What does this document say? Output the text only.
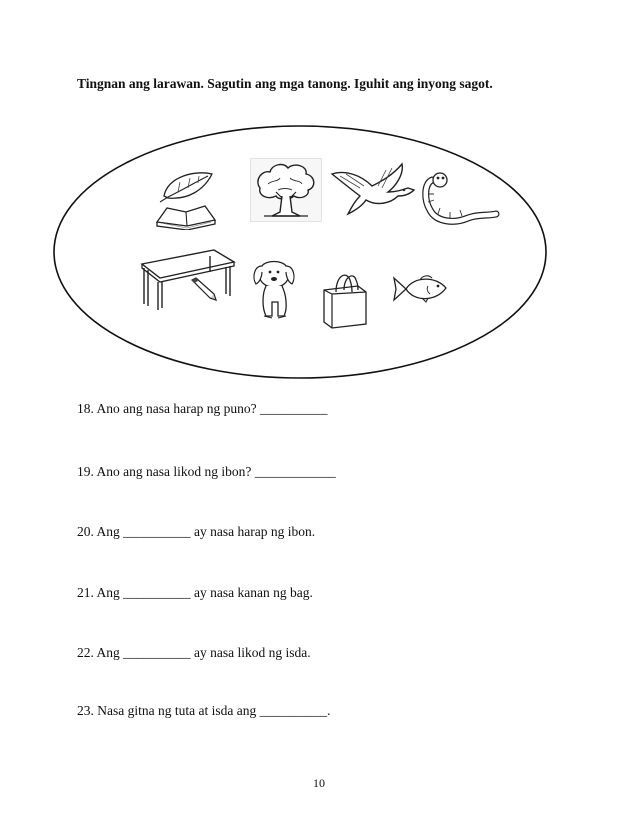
Tingnan ang larawan. Sagutin ang mga tanong. Iguhit ang inyong sagot.
18. Ano ang nasa harap ng puno? __________
19. Ano ang nasa likod ng ibon? ____________
20. Ang __________ ay nasa harap ng ibon.
21. Ang __________ ay nasa kanan ng bag.
22. Ang __________ ay nasa likod ng isda.
23. Nasa gitna ng tuta at isda ang __________.
10
